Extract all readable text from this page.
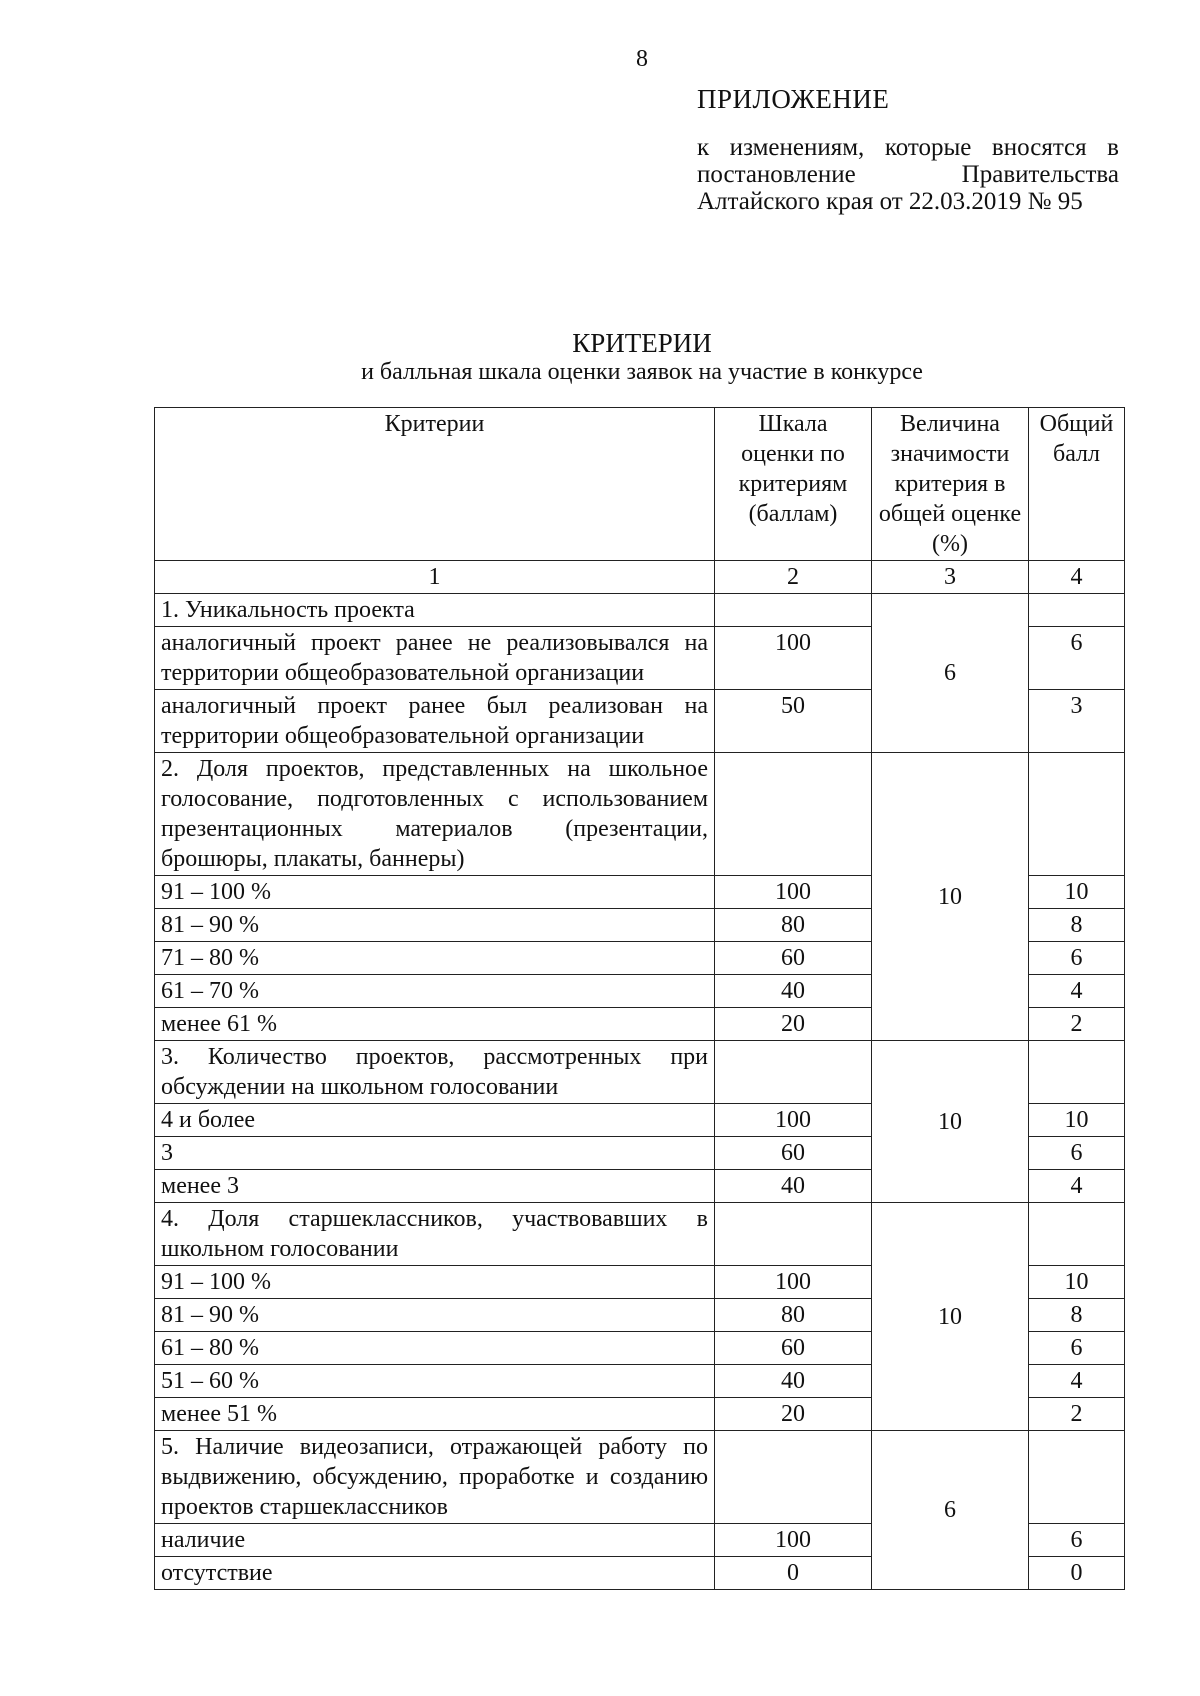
8
ПРИЛОЖЕНИЕ
к изменениям, которые вносятся в постановление Правительства Алтайского края от 22.03.2019 № 95
КРИТЕРИИ
и балльная шкала оценки заявок на участие в конкурсе
Критерии	Шкала оценки по критериям (баллам)	Величина значимости критерия в общей оценке (%)	Общий балл
1	2	3	4
1. Уникальность проекта		6	
аналогичный проект ранее не реализовывался на территории общеобразовательной организации	100		6
аналогичный проект ранее был реализован на территории общеобразовательной организации	50		3
2. Доля проектов, представленных на школьное голосование, подготовленных с использованием презентационных материалов (презентации, брошюры, плакаты, баннеры)		10	
91 – 100 %	100		10
81 – 90 %	80		8
71 – 80 %	60		6
61 – 70 %	40		4
менее 61 %	20		2
3. Количество проектов, рассмотренных при обсуждении на школьном голосовании		10	
4 и более	100		10
3	60		6
менее 3	40		4
4. Доля старшеклассников, участвовавших в школьном голосовании		10	
91 – 100 %	100		10
81 – 90 %	80		8
61 – 80 %	60		6
51 – 60 %	40		4
менее 51 %	20		2
5. Наличие видеозаписи, отражающей работу по выдвижению, обсуждению, проработке и созданию проектов старшеклассников		6	
наличие	100		6
отсутствие	0		0
